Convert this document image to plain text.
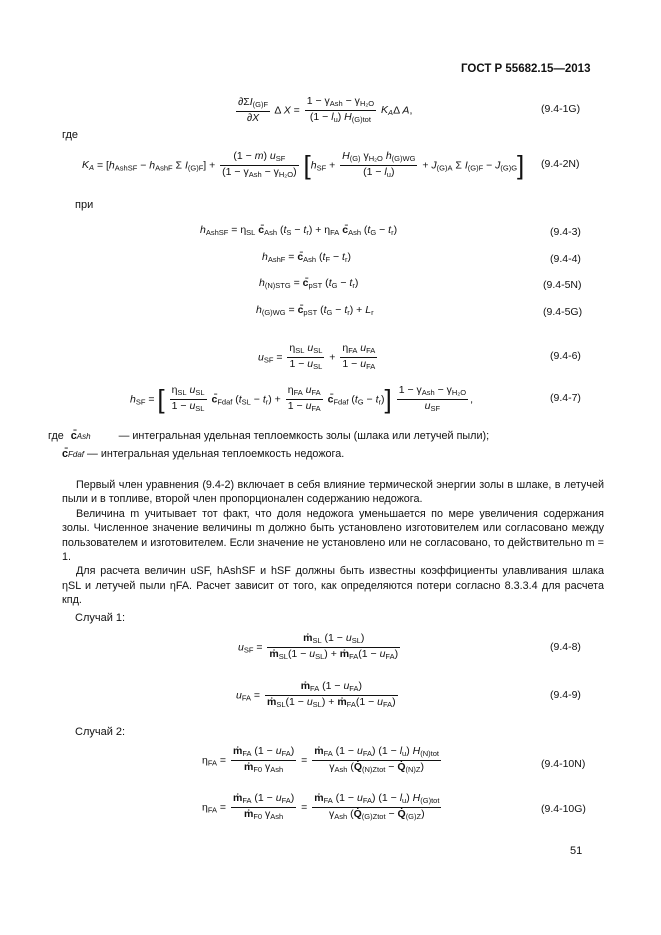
ГОСТ Р 55682.15—2013
$\frac{\partial\Sigma I_{(G)F}}{\partial X}$ Δ $X = \frac{1 - \gamma_{Ash} - \gamma_{H_2O}}{(1 - l_u) H_{(G)tot}} K_A\Delta$ A,	(9.4-1G)
где
$K_A = [h_{AshSF} - h_{AshF}$ Σ $I_{(G)F}] + \frac{(1 - m) u_{SF}}{(1 - \gamma_{Ash} - \gamma_{H_2O})} [h_{SF} + \frac{H_{(G)} \gamma_{H_2O} h_{(G)WG}}{(1 - l_u)} + J_{(G)A}$ Σ $I_{(G)F} - J_{(G)G}$] (9.4-2N)
при
$h_{AshSF} = \eta_{SL}$ $c̄_{Ash}$ $(t_S - t_r) + \eta_{FA}$ $c̄_{Ash}$ $(t_G - t_r)$	(9.4-3)
$h_{AshF}$ = $c̄_{Ash}$ $(t_F - t_r)$	(9.4-4)
$h_{(N)STG}$ = $c̄_{pST}$ $(t_G - t_r)$	(9.4-5N)
$h_{(G)WG}$ = $c̄_{pST}$ $(t_G - t_r) + L_r$	(9.4-5G)
$u_{SF} = \frac{\eta_{SL} u_{SL}}{1 - u_{SL}} + \frac{\eta_{FA} u_{FA}}{1 - u_{FA}}$	(9.4-6)
$h_{SF}$ = [ $\frac{\eta_{SL} u_{SL}}{1 - u_{SL}}$ $c̄_{Fdaf}$ $(t_{SL} - t_r) + \frac{\eta_{FA} u_{FA}}{1 - u_{FA}}$ $c̄_{Fdaf}$ $(t_G - t_r)] \frac{1 - \gamma_{Ash} - \gamma_{H_2O}}{u_{SF}}$ ,	(9.4-7)
где c̄Ash	— интегральная удельная теплоемкость золы (шлака или летучей пыли);
c̄Fdaf — интегральная удельная теплоемкость недожога.

Первый член уравнения (9.4-2) включает в себя влияние термической энергии золы в шлаке, в летучей пыли и в топливе, второй член пропорционален содержанию недожога.

Величина m учитывает тот факт, что доля недожога уменьшается по мере увеличения содержания золы. Численное значение величины m должно быть установлено изготовителем или согласовано между пользователем и изготовителем. Если значение не установлено или не согласовано, то действительно m = 1.

Для расчета величин uSF, hAshSF и hSF должны быть известны коэффициенты улавливания шлака ηSL и летучей пыли ηFA. Расчет зависит от того, как определяются потери согласно 8.3.3.4 для расчета кпд.

Случай 1:
$u_{SF} = \frac{ṁ_{SL} (1 - u_{SL})}{ṁ_{SL}(1 - u_{SL}) + ṁ_{FA}(1 - u_{FA})}$	(9.4-8)
$u_{FA} = \frac{ṁ_{FA} (1 - u_{FA})}{ṁ_{SL}(1 - u_{SL}) + ṁ_{FA}(1 - u_{FA})}$	(9.4-9)
Случай 2:
$\eta_{FA} = \frac{ṁ_{FA} (1 - u_{FA})}{ṁ_{F0} \gamma_{Ash}} = \frac{ṁ_{FA} (1 - u_{FA}) (1 - l_u) H_{(N)tot}}{\gamma_{Ash} (Q̇_{(N)Ztot} - Q̇_{(N)Z})}$	(9.4-10N)
$\eta_{FA} = \frac{ṁ_{FA} (1 - u_{FA})}{ṁ_{F0} \gamma_{Ash}} = \frac{ṁ_{FA} (1 - u_{FA}) (1 - l_u) H_{(G)tot}}{\gamma_{Ash} (Q̇_{(G)Ztot} - Q̇_{(G)Z})}$	(9.4-10G)
51
